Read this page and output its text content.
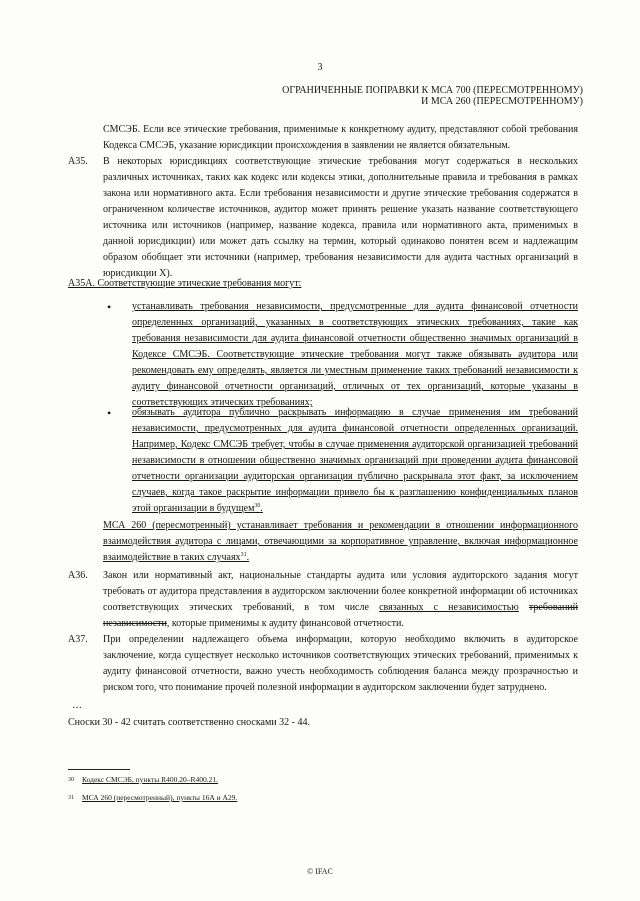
3
ОГРАНИЧЕННЫЕ ПОПРАВКИ К МСА 700 (ПЕРЕСМОТРЕННОМУ)
И МСА 260 (ПЕРЕСМОТРЕННОМУ)

СМСЭБ. Если все этические требования, применимые к конкретному аудиту, представляют собой требования Кодекса СМСЭБ, указание юрисдикции происхождения в заявлении не является обязательным.

A35. В некоторых юрисдикциях соответствующие этические требования могут содержаться в нескольких различных источниках, таких как кодекс или кодексы этики, дополнительные правила и требования в рамках закона или нормативного акта. Если требования независимости и другие этические требования содержатся в ограниченном количестве источников, аудитор может принять решение указать название соответствующего источника или источников (например, название кодекса, правила или нормативного акта, применимых в данной юрисдикции) или может дать ссылку на термин, который одинаково понятен всем и надлежащим образом обобщает эти источники (например, требования независимости для аудита частных организаций в юрисдикции X).

A35A. Соответствующие этические требования могут:
• устанавливать требования независимости, предусмотренные для аудита финансовой отчетности определенных организаций, указанных в соответствующих этических требованиях, такие как требования независимости для аудита финансовой отчетности общественно значимых организаций в Кодексе СМСЭБ. Соответствующие этические требования могут также обязывать аудитора или рекомендовать ему определять, является ли уместным применение таких требований независимости к аудиту финансовой отчетности организаций, отличных от тех организаций, которые указаны в соответствующих этических требованиях;

• обязывать аудитора публично раскрывать информацию в случае применения им требований независимости, предусмотренных для аудита финансовой отчетности определенных организаций. Например, Кодекс СМСЭБ требует, чтобы в случае применения аудиторской организацией требований независимости в отношении общественно значимых организаций при проведении аудита финансовой отчетности организации аудиторская организация публично раскрывала этот факт, за исключением случаев, когда такое раскрытие информации привело бы к разглашению конфиденциальных планов этой организации в будущем$^{30}$.

МСА 260 (пересмотренный) устанавливает требования и рекомендации в отношении информационного взаимодействия аудитора с лицами, отвечающими за корпоративное управление, включая информационное взаимодействие в таких случаях$^{31}$.

A36. Закон или нормативный акт, национальные стандарты аудита или условия аудиторского задания могут требовать от аудитора представления в аудиторском заключении более конкретной информации об источниках соответствующих этических требований, в том числе связанных с независимостью требований независимости, которые применимы к аудиту финансовой отчетности.

A37. При определении надлежащего объема информации, которую необходимо включить в аудиторское заключение, когда существует несколько источников соответствующих этических требований, применимых к аудиту финансовой отчетности, важно учесть необходимость соблюдения баланса между прозрачностью и риском того, что понимание прочей полезной информации в аудиторском заключении будет затруднено.

…
Сноски 30 - 42 считать соответственно сносками 32 - 44.
30 Кодекс СМСЭБ, пункты R400.20–R400.21.
31 МСА 260 (пересмотренный), пункты 16А и A29.
© IFAC
